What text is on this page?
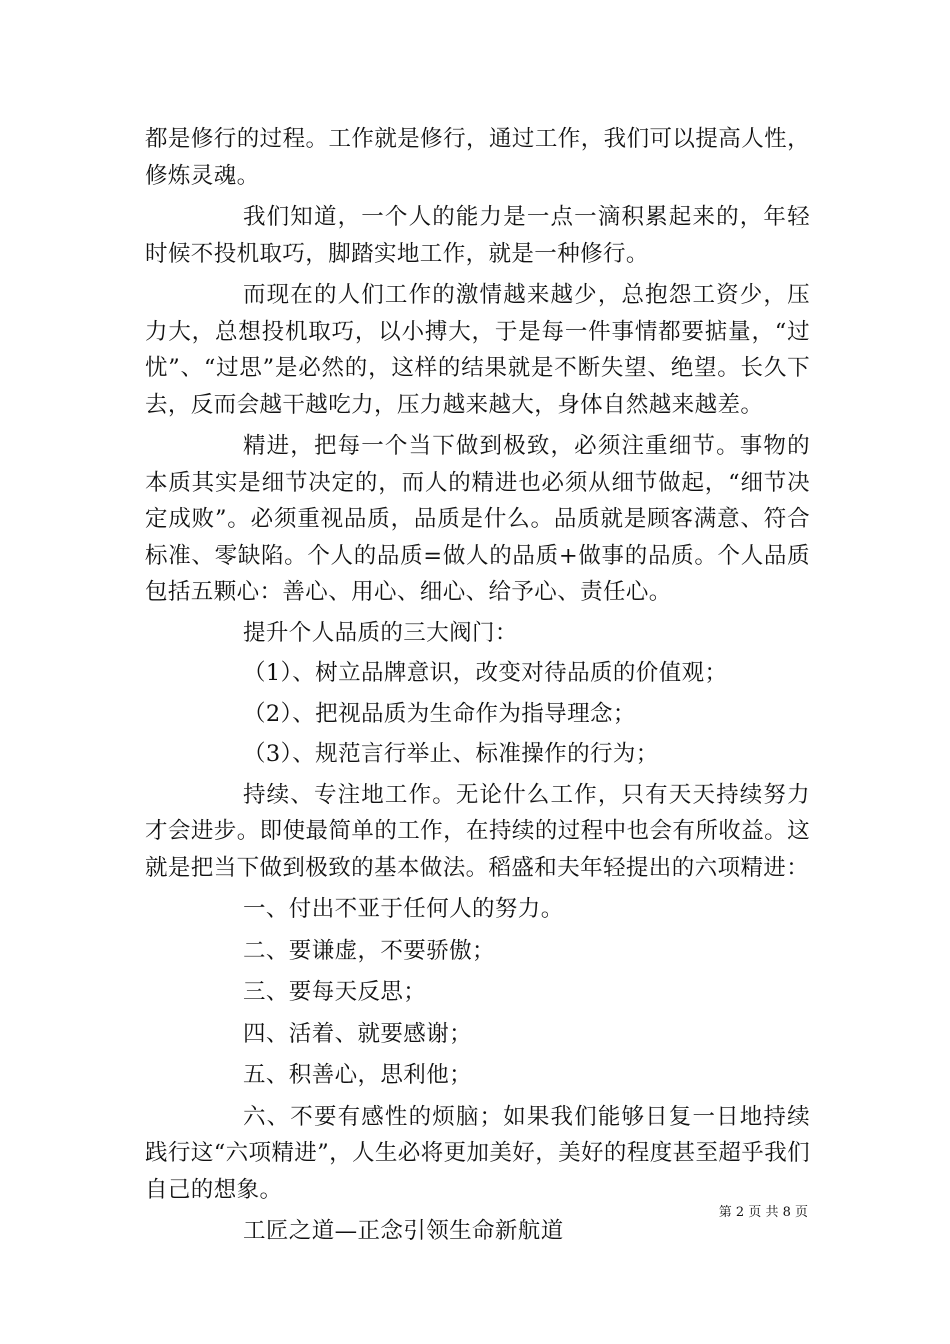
都是修行的过程。工作就是修行，通过工作，我们可以提高人性，修炼灵魂。

我们知道，一个人的能力是一点一滴积累起来的，年轻时候不投机取巧，脚踏实地工作，就是一种修行。

而现在的人们工作的激情越来越少，总抱怨工资少，压力大，总想投机取巧，以小搏大，于是每一件事情都要掂量，“过忧”、“过思”是必然的，这样的结果就是不断失望、绝望。长久下去，反而会越干越吃力，压力越来越大，身体自然越来越差。

精进，把每一个当下做到极致，必须注重细节。事物的本质其实是细节决定的，而人的精进也必须从细节做起，“细节决定成败”。必须重视品质，品质是什么。品质就是顾客满意、符合标准、零缺陷。个人的品质=做人的品质+做事的品质。个人品质包括五颗心：善心、用心、细心、给予心、责任心。

提升个人品质的三大阀门：

（1）、树立品牌意识，改变对待品质的价值观；

（2）、把视品质为生命作为指导理念；

（3）、规范言行举止、标准操作的行为；

持续、专注地工作。无论什么工作，只有天天持续努力才会进步。即使最简单的工作，在持续的过程中也会有所收益。这就是把当下做到极致的基本做法。稻盛和夫年轻提出的六项精进：

一、付出不亚于任何人的努力。

二、要谦虚，不要骄傲；

三、要每天反思；

四、活着、就要感谢；

五、积善心，思利他；

六、不要有感性的烦脑；如果我们能够日复一日地持续践行这“六项精进”，人生必将更加美好，美好的程度甚至超乎我们自己的想象。

工匠之道—正念引领生命新航道

第 2 页 共 8 页
